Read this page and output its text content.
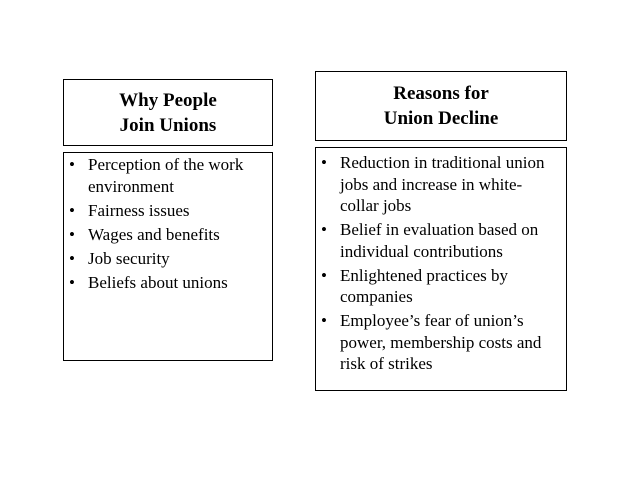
Why People
Join Unions
Reasons for
Union Decline
• Perception of the work environment
• Fairness issues
• Wages and benefits
• Job security
• Beliefs about unions
• Reduction in traditional union jobs and increase in white-collar jobs
• Belief in evaluation based on individual contributions
• Enlightened practices by companies
• Employee’s fear of union’s power, membership costs and risk of strikes
